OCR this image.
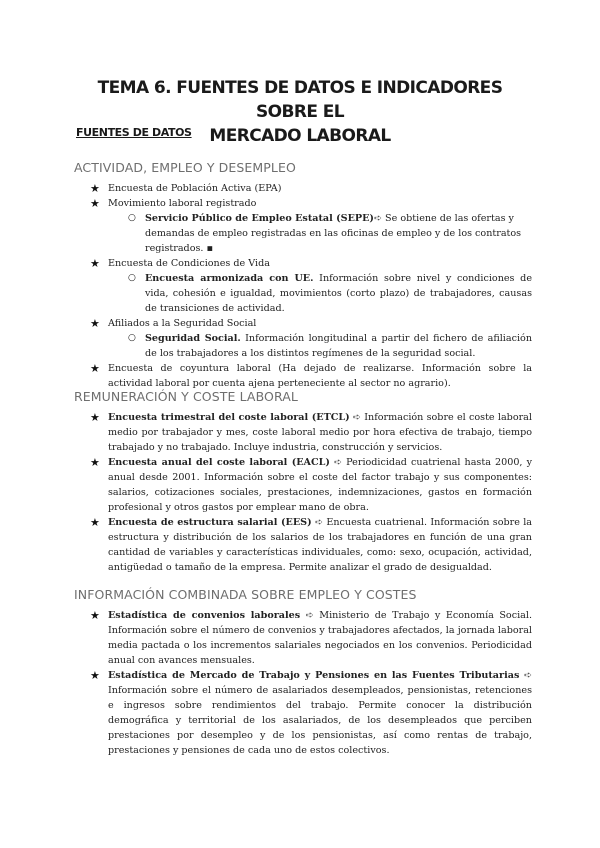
TEMA 6. FUENTES DE DATOS E INDICADORES SOBRE EL
MERCADO LABORAL
FUENTES DE DATOS
ACTIVIDAD, EMPLEO Y DESEMPLEO
★ Encuesta de Población Activa (EPA)
★ Movimiento laboral registrado
○ Servicio Público de Empleo Estatal (SEPE)➪ Se obtiene de las ofertas y demandas de empleo registradas en las oficinas de empleo y de los contratos registrados. ▪
★ Encuesta de Condiciones de Vida
○ Encuesta armonizada con UE. Información sobre nivel y condiciones de vida, cohesión e igualdad, movimientos (corto plazo) de trabajadores, causas de transiciones de actividad.
★ Afiliados a la Seguridad Social
○ Seguridad Social. Información longitudinal a partir del fichero de afiliación de los trabajadores a los distintos regímenes de la seguridad social.
★ Encuesta de coyuntura laboral (Ha dejado de realizarse. Información sobre la actividad laboral por cuenta ajena perteneciente al sector no agrario).
REMUNERACIÓN Y COSTE LABORAL
★ Encuesta trimestral del coste laboral (ETCL) ➪ Información sobre el coste laboral medio por trabajador y mes, coste laboral medio por hora efectiva de trabajo, tiempo trabajado y no trabajado. Incluye industria, construcción y servicios.
★ Encuesta anual del coste laboral (EACL) ➪ Periodicidad cuatrienal hasta 2000, y anual desde 2001. Información sobre el coste del factor trabajo y sus componentes: salarios, cotizaciones sociales, prestaciones, indemnizaciones, gastos en formación profesional y otros gastos por emplear mano de obra.
★ Encuesta de estructura salarial (EES) ➪ Encuesta cuatrienal. Información sobre la estructura y distribución de los salarios de los trabajadores en función de una gran cantidad de variables y características individuales, como: sexo, ocupación, actividad, antigüedad o tamaño de la empresa. Permite analizar el grado de desigualdad.
INFORMACIÓN COMBINADA SOBRE EMPLEO Y COSTES
★ Estadística de convenios laborales ➪ Ministerio de Trabajo y Economía Social. Información sobre el número de convenios y trabajadores afectados, la jornada laboral media pactada o los incrementos salariales negociados en los convenios. Periodicidad anual con avances mensuales.
★ Estadística de Mercado de Trabajo y Pensiones en las Fuentes Tributarias ➪ Información sobre el número de asalariados desempleados, pensionistas, retenciones e ingresos sobre rendimientos del trabajo. Permite conocer la distribución demográfica y territorial de los asalariados, de los desempleados que perciben prestaciones por desempleo y de los pensionistas, así como rentas de trabajo, prestaciones y pensiones de cada uno de estos colectivos.
